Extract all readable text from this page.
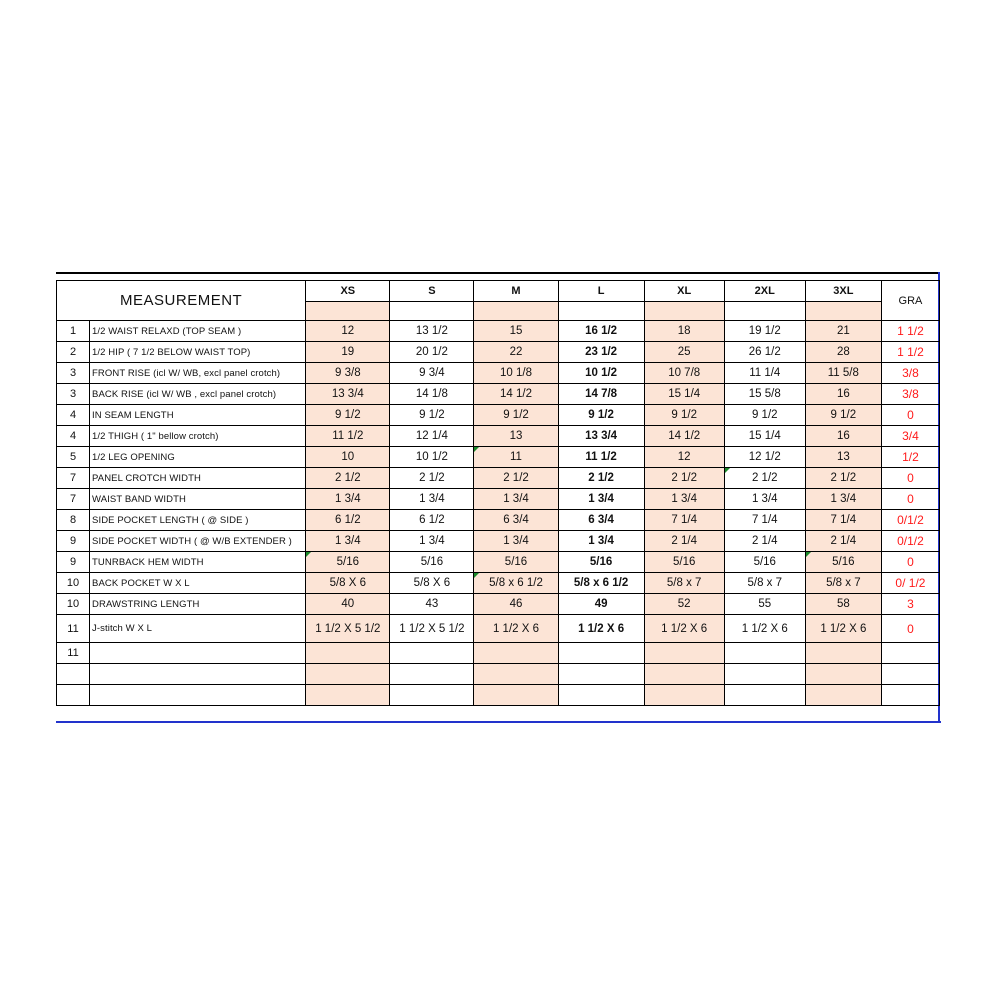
MEASUREMENT		XS	S	M	L	XL	2XL	3XL	GRA

1	1/2 WAIST RELAXD (TOP SEAM )	12	13 1/2	15	16 1/2	18	19 1/2	21	1 1/2
2	1/2 HIP ( 7 1/2 BELOW WAIST TOP)	19	20 1/2	22	23 1/2	25	26 1/2	28	1 1/2
3	FRONT RISE (icl W/ WB, excl panel crotch)	9 3/8	9 3/4	10 1/8	10 1/2	10 7/8	11 1/4	11 5/8	3/8
3	BACK RISE (icl W/ WB , excl panel crotch)	13 3/4	14 1/8	14 1/2	14 7/8	15 1/4	15 5/8	16	3/8
4	IN SEAM LENGTH	9 1/2	9 1/2	9 1/2	9 1/2	9 1/2	9 1/2	9 1/2	0
4	1/2 THIGH ( 1" bellow crotch)	11 1/2	12 1/4	13	13 3/4	14 1/2	15 1/4	16	3/4
5	1/2 LEG OPENING	10	10 1/2	11	11 1/2	12	12 1/2	13	1/2
7	PANEL CROTCH WIDTH	2 1/2	2 1/2	2 1/2	2 1/2	2 1/2	2 1/2	2 1/2	0
7	WAIST BAND WIDTH	1 3/4	1 3/4	1 3/4	1 3/4	1 3/4	1 3/4	1 3/4	0
8	SIDE POCKET LENGTH ( @ SIDE )	6 1/2	6 1/2	6 3/4	6 3/4	7 1/4	7 1/4	7 1/4	0/1/2
9	SIDE POCKET WIDTH ( @ W/B EXTENDER )	1 3/4	1 3/4	1 3/4	1 3/4	2 1/4	2 1/4	2 1/4	0/1/2
9	TUNRBACK HEM WIDTH	5/16	5/16	5/16	5/16	5/16	5/16	5/16	0
10	BACK POCKET W X L	5/8 X 6	5/8 X 6	5/8 x 6 1/2	5/8 x 6 1/2	5/8 x 7	5/8 x 7	5/8 x 7	0/ 1/2
10	DRAWSTRING LENGTH	40	43	46	49	52	55	58	3
11	J-stitch W X L	1 1/2 X 5 1/2	1 1/2 X 5 1/2	1 1/2 X 6	1 1/2 X 6	1 1/2 X 6	1 1/2 X 6	1 1/2 X 6	0
11									
